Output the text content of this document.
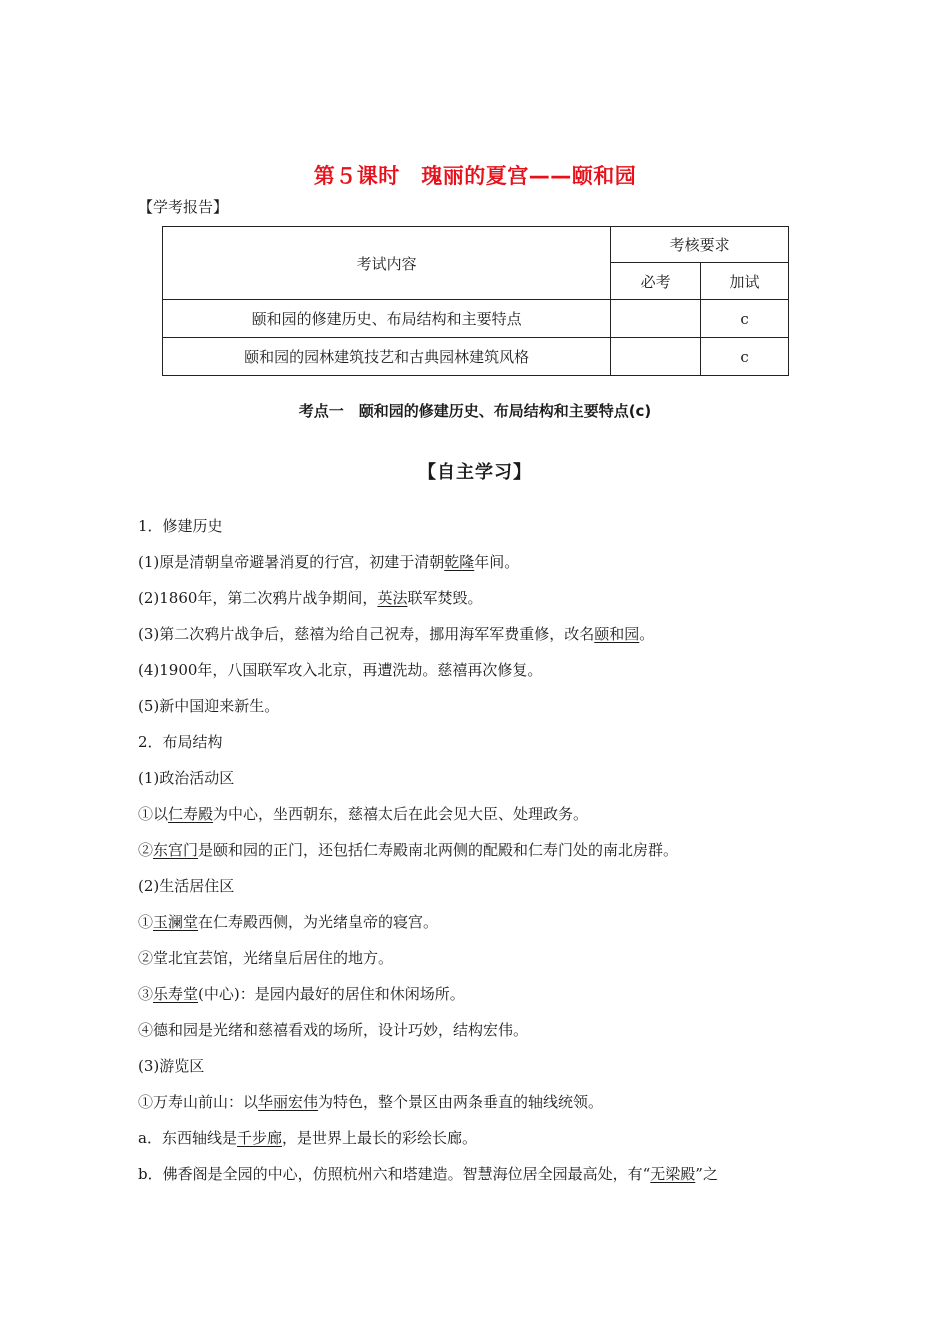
第５课时　瑰丽的夏宫——颐和园
【学考报告】
考试内容	考核要求	
	必考	加试
颐和园的修建历史、布局结构和主要特点		c
颐和园的园林建筑技艺和古典园林建筑风格		c
考点一　颐和园的修建历史、布局结构和主要特点(c)
【自主学习】
1．修建历史
(1)原是清朝皇帝避暑消夏的行宫，初建于清朝乾隆年间。
(2)1860年，第二次鸦片战争期间，英法联军焚毁。
(3)第二次鸦片战争后，慈禧为给自己祝寿，挪用海军军费重修，改名颐和园。
(4)1900年，八国联军攻入北京，再遭洗劫。慈禧再次修复。
(5)新中国迎来新生。
2．布局结构
(1)政治活动区
①以仁寿殿为中心，坐西朝东，慈禧太后在此会见大臣、处理政务。
②东宫门是颐和园的正门，还包括仁寿殿南北两侧的配殿和仁寿门处的南北房群。
(2)生活居住区
①玉澜堂在仁寿殿西侧，为光绪皇帝的寝宫。
②堂北宜芸馆，光绪皇后居住的地方。
③乐寿堂(中心)：是园内最好的居住和休闲场所。
④德和园是光绪和慈禧看戏的场所，设计巧妙，结构宏伟。
(3)游览区
①万寿山前山：以华丽宏伟为特色，整个景区由两条垂直的轴线统领。
a．东西轴线是千步廊，是世界上最长的彩绘长廊。
b．佛香阁是全园的中心，仿照杭州六和塔建造。智慧海位居全园最高处，有“无梁殿”之
